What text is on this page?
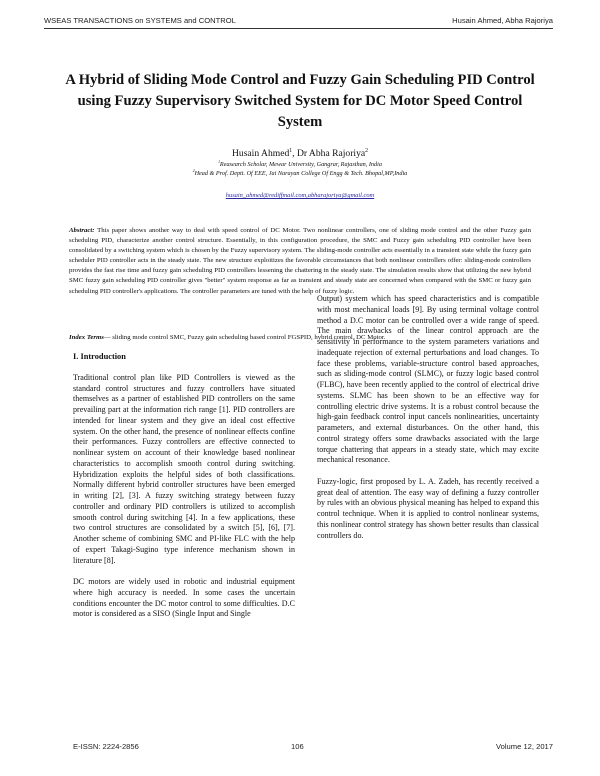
WSEAS TRANSACTIONS on SYSTEMS and CONTROL	Husain Ahmed, Abha Rajoriya
A Hybrid of Sliding Mode Control and Fuzzy Gain Scheduling PID Control using Fuzzy Supervisory Switched System for DC Motor Speed Control System
Husain Ahmed$^1$, Dr Abha Rajoriya$^2$
$^1$Reasearch Scholar, Mewar University, Gangrar, Rajasthan, India
$^2$Head & Prof. Deptt. Of EEE, Jai Narayan College Of Engg & Tech. Bhopal,MP,India
husain_ahmed@rediffmail.com,abharajoriya@gmail.com

Abstract: This paper shows another way to deal with speed control of DC Motor. Two nonlinear controllers, one of sliding mode control and the other Fuzzy gain scheduling PID, characterize another control structure. Essentially, in this configuration procedure, the SMC and Fuzzy gain scheduling PID controller have been consolidated by a switching system which is chosen by the Fuzzy supervisory system. The sliding-mode controller acts essentially in a transient state while the fuzzy gain scheduler PID controller acts in the steady state. The new structure exploitizes the favorable circumstances that both nonlinear controllers offer: sliding-mode controllers provides the fast rise time and fuzzy gain scheduling PID controllers lessening the chattering in the steady state. The simulation results show that utilizing the new hybrid SMC fuzzy gain scheduling PID controller gives "better" system response as far as transient and steady state are concerned when compared with the SMC or fuzzy gain scheduling PID controller's applications. The controller parameters are tuned with the help of fuzzy logic.

Index Terms— sliding mode control SMC, Fuzzy gain scheduling based control FGSPID, hybrid control, DC Motor.

I. Introduction

Traditional control plan like PID Controllers is viewed as the standard control structures and fuzzy controllers have situated themselves as a partner of established PID controllers on the same prevailing part at the information rich range [1]. PID controllers are intended for linear system and they give an ideal cost effective system. On the other hand, the presence of nonlinear effects confine their performances. Fuzzy controllers are effective connected to nonlinear system on account of their knowledge based nonlinear characteristics to accomplish smooth control during switching. Hybridization exploits the helpful sides of both classifications. Normally different hybrid controller structures have been emerged in writing [2], [3]. A fuzzy switching strategy between fuzzy controller and ordinary PID controllers is utilized to accomplish smooth control during switching [4]. In a few applications, these two control structures are consolidated by a switch [5], [6], [7]. Another scheme of combining SMC and PI-like FLC with the help of expert Takagi-Sugino type inference mechanism shown in literature [8].

DC motors are widely used in robotic and industrial equipment where high accuracy is needed. In some cases the uncertain conditions encounter the DC motor control to some difficulties. D.C motor is considered as a SISO (Single Input and Single

Output) system which has speed characteristics and is compatible with most mechanical loads [9]. By using terminal voltage control method a D.C motor can be controlled over a wide range of speed. The main drawbacks of the linear control approach are the sensitivity in performance to the system parameters variations and inadequate rejection of external perturbations and load changes. To face these problems, variable-structure control based approaches, such as sliding-mode control (SLMC), or fuzzy logic based control (FLBC), have been recently applied to the control of electrical drive systems. SLMC has been shown to be an effective way for controlling electric drive systems. It is a robust control because the high-gain feedback control input cancels nonlinearities, uncertainty parameters, and external disturbances. On the other hand, this control strategy offers some drawbacks associated with the large torque chattering that appears in a steady state, which may excite mechanical resonance.

Fuzzy-logic, first proposed by L. A. Zadeh, has recently received a great deal of attention. The easy way of defining a fuzzy controller by rules with an obvious physical meaning has helped to expand this control technique. When it is applied to control nonlinear systems, this nonlinear control strategy has shown better results than classical controllers do.

E-ISSN: 2224-2856	106	Volume 12, 2017
